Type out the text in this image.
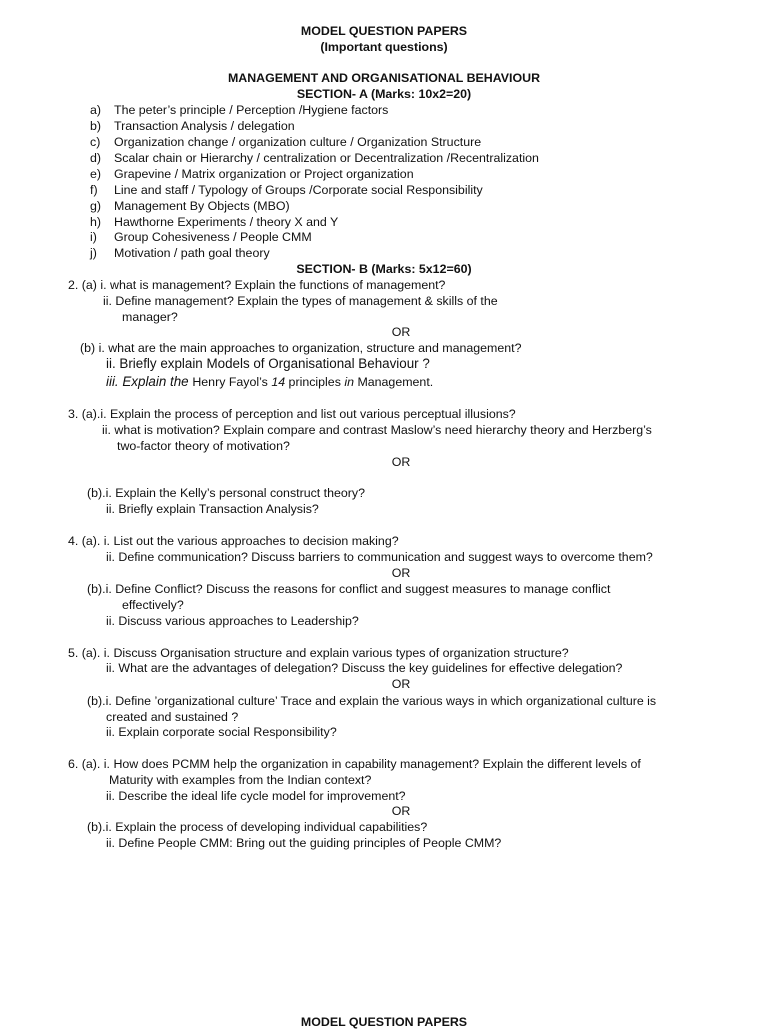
MODEL QUESTION PAPERS
(Important questions)
MANAGEMENT AND ORGANISATIONAL BEHAVIOUR
SECTION- A (Marks: 10x2=20)
a) The peter’s principle / Perception /Hygiene factors
b) Transaction Analysis / delegation
c) Organization change / organization culture / Organization Structure
d) Scalar chain or Hierarchy / centralization or Decentralization /Recentralization
e) Grapevine / Matrix organization or Project organization
f) Line and staff / Typology of Groups /Corporate social Responsibility
g) Management By Objects (MBO)
h) Hawthorne Experiments / theory X and Y
i) Group Cohesiveness / People CMM
j) Motivation / path goal theory
SECTION- B (Marks: 5x12=60)
2. (a) i. what is management? Explain the functions of management?
ii. Define management? Explain the types of management & skills of the
manager?
OR
(b) i. what are the main approaches to organization, structure and management?
ii. Briefly explain Models of Organisational Behaviour ?
iii. Explain the Henry Fayol’s 14 principles in Management.
3. (a).i. Explain the process of perception and list out various perceptual illusions?
ii. what is motivation? Explain compare and contrast Maslow’s need hierarchy theory and Herzberg’s
two-factor theory of motivation?
OR
(b).i. Explain the Kelly’s personal construct theory?
ii. Briefly explain Transaction Analysis?
4. (a). i. List out the various approaches to decision making?
ii. Define communication? Discuss barriers to communication and suggest ways to overcome them?
OR
(b).i. Define Conflict? Discuss the reasons for conflict and suggest measures to manage conflict
effectively?
ii. Discuss various approaches to Leadership?
5. (a). i. Discuss Organisation structure and explain various types of organization structure?
ii. What are the advantages of delegation? Discuss the key guidelines for effective delegation?
OR
(b).i. Define ’organizational culture’ Trace and explain the various ways in which organizational culture is
created and sustained ?
ii. Explain corporate social Responsibility?
6. (a). i. How does PCMM help the organization in capability management? Explain the different levels of
Maturity with examples from the Indian context?
ii. Describe the ideal life cycle model for improvement?
OR
(b).i. Explain the process of developing individual capabilities?
ii. Define People CMM: Bring out the guiding principles of People CMM?
MODEL QUESTION PAPERS
